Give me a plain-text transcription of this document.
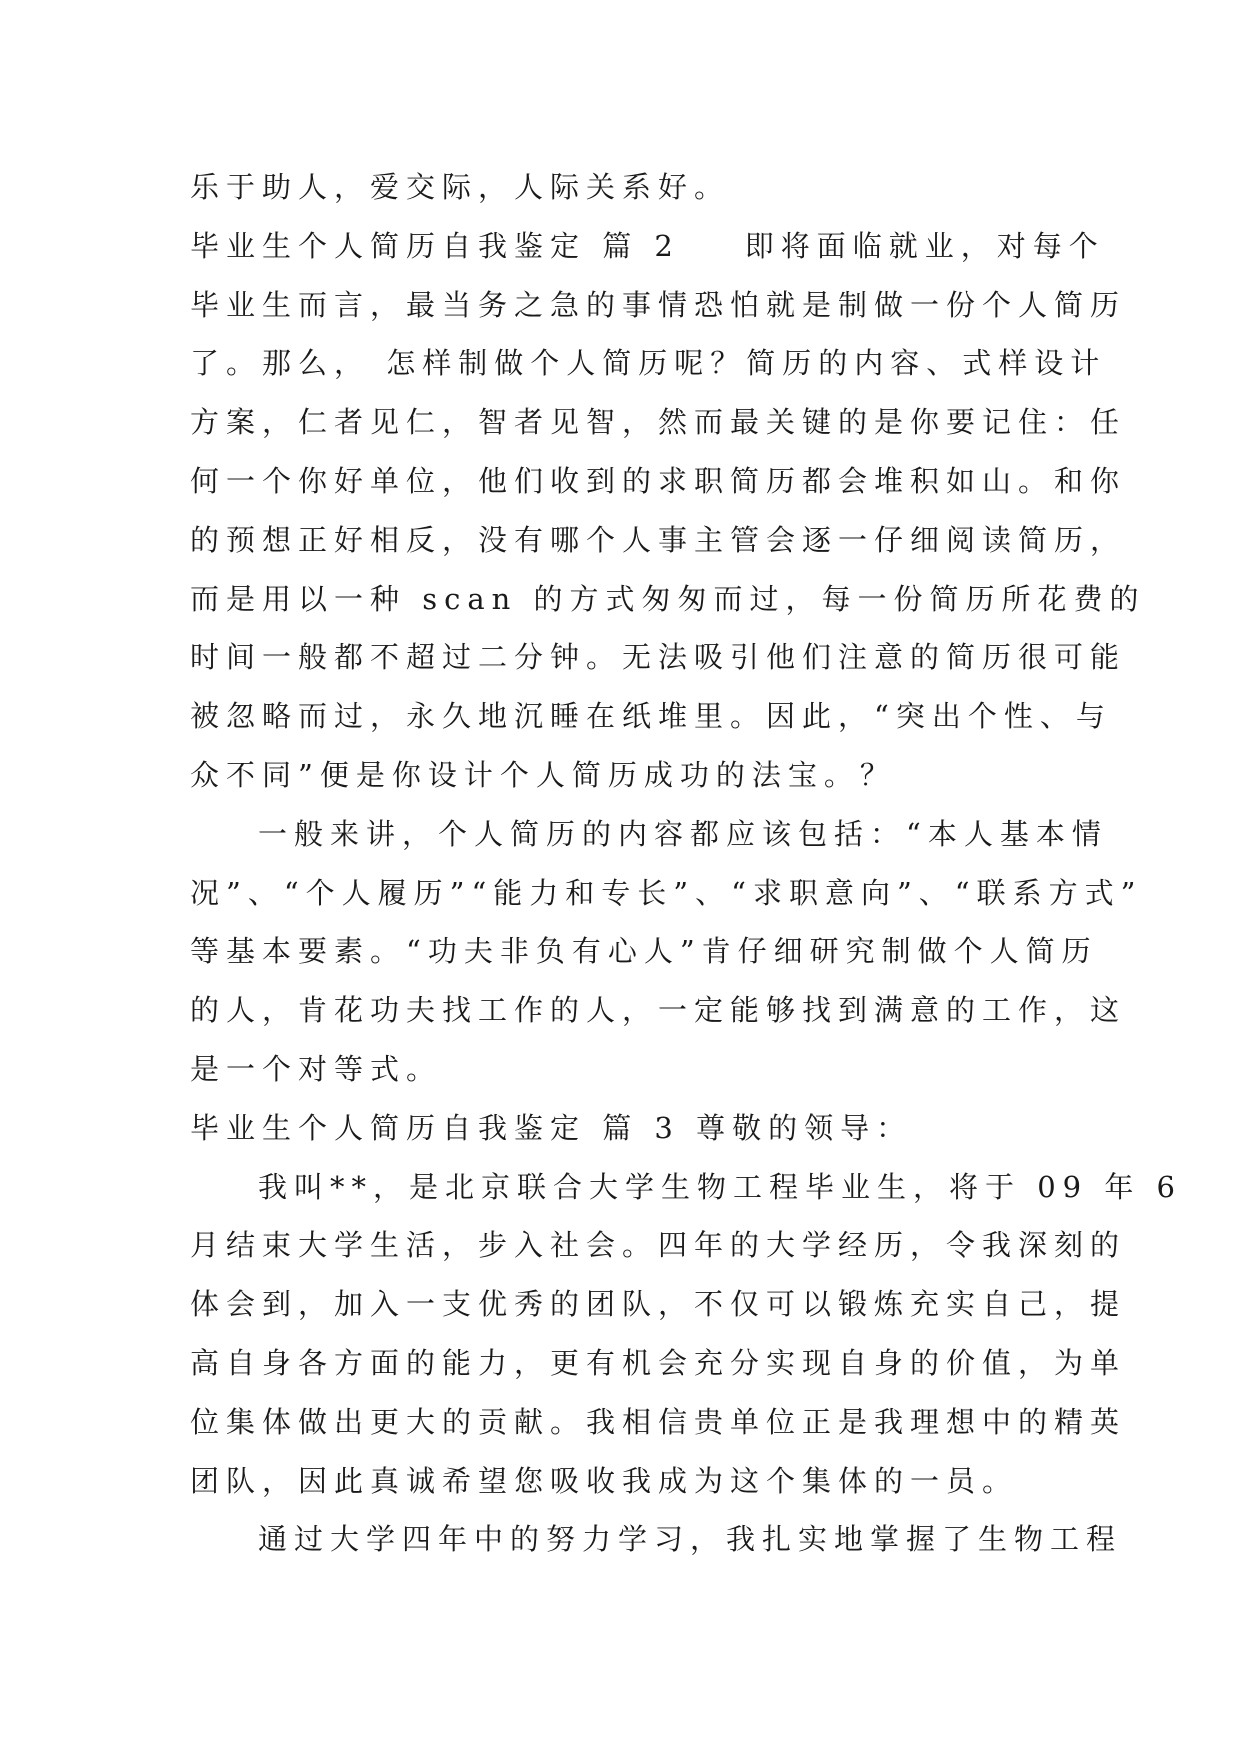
乐于助人，爱交际，人际关系好。
毕业生个人简历自我鉴定 篇 2    即将面临就业，对每个
毕业生而言，最当务之急的事情恐怕就是制做一份个人简历
了。那么， 怎样制做个人简历呢？简历的内容、式样设计
方案，仁者见仁，智者见智，然而最关键的是你要记住：任
何一个你好单位，他们收到的求职简历都会堆积如山。和你
的预想正好相反，没有哪个人事主管会逐一仔细阅读简历，
而是用以一种 scan 的方式匆匆而过，每一份简历所花费的
时间一般都不超过二分钟。无法吸引他们注意的简历很可能
被忽略而过，永久地沉睡在纸堆里。因此，“突出个性、与
众不同”便是你设计个人简历成功的法宝。？
一般来讲，个人简历的内容都应该包括：“本人基本情
况”、“个人履历”“能力和专长”、“求职意向”、“联系方式”
等基本要素。“功夫非负有心人”肯仔细研究制做个人简历
的人，肯花功夫找工作的人，一定能够找到满意的工作，这
是一个对等式。
毕业生个人简历自我鉴定 篇 3 尊敬的领导：
我叫**，是北京联合大学生物工程毕业生，将于 09 年 6
月结束大学生活，步入社会。四年的大学经历，令我深刻的
体会到，加入一支优秀的团队，不仅可以锻炼充实自己，提
高自身各方面的能力，更有机会充分实现自身的价值，为单
位集体做出更大的贡献。我相信贵单位正是我理想中的精英
团队，因此真诚希望您吸收我成为这个集体的一员。
通过大学四年中的努力学习，我扎实地掌握了生物工程
